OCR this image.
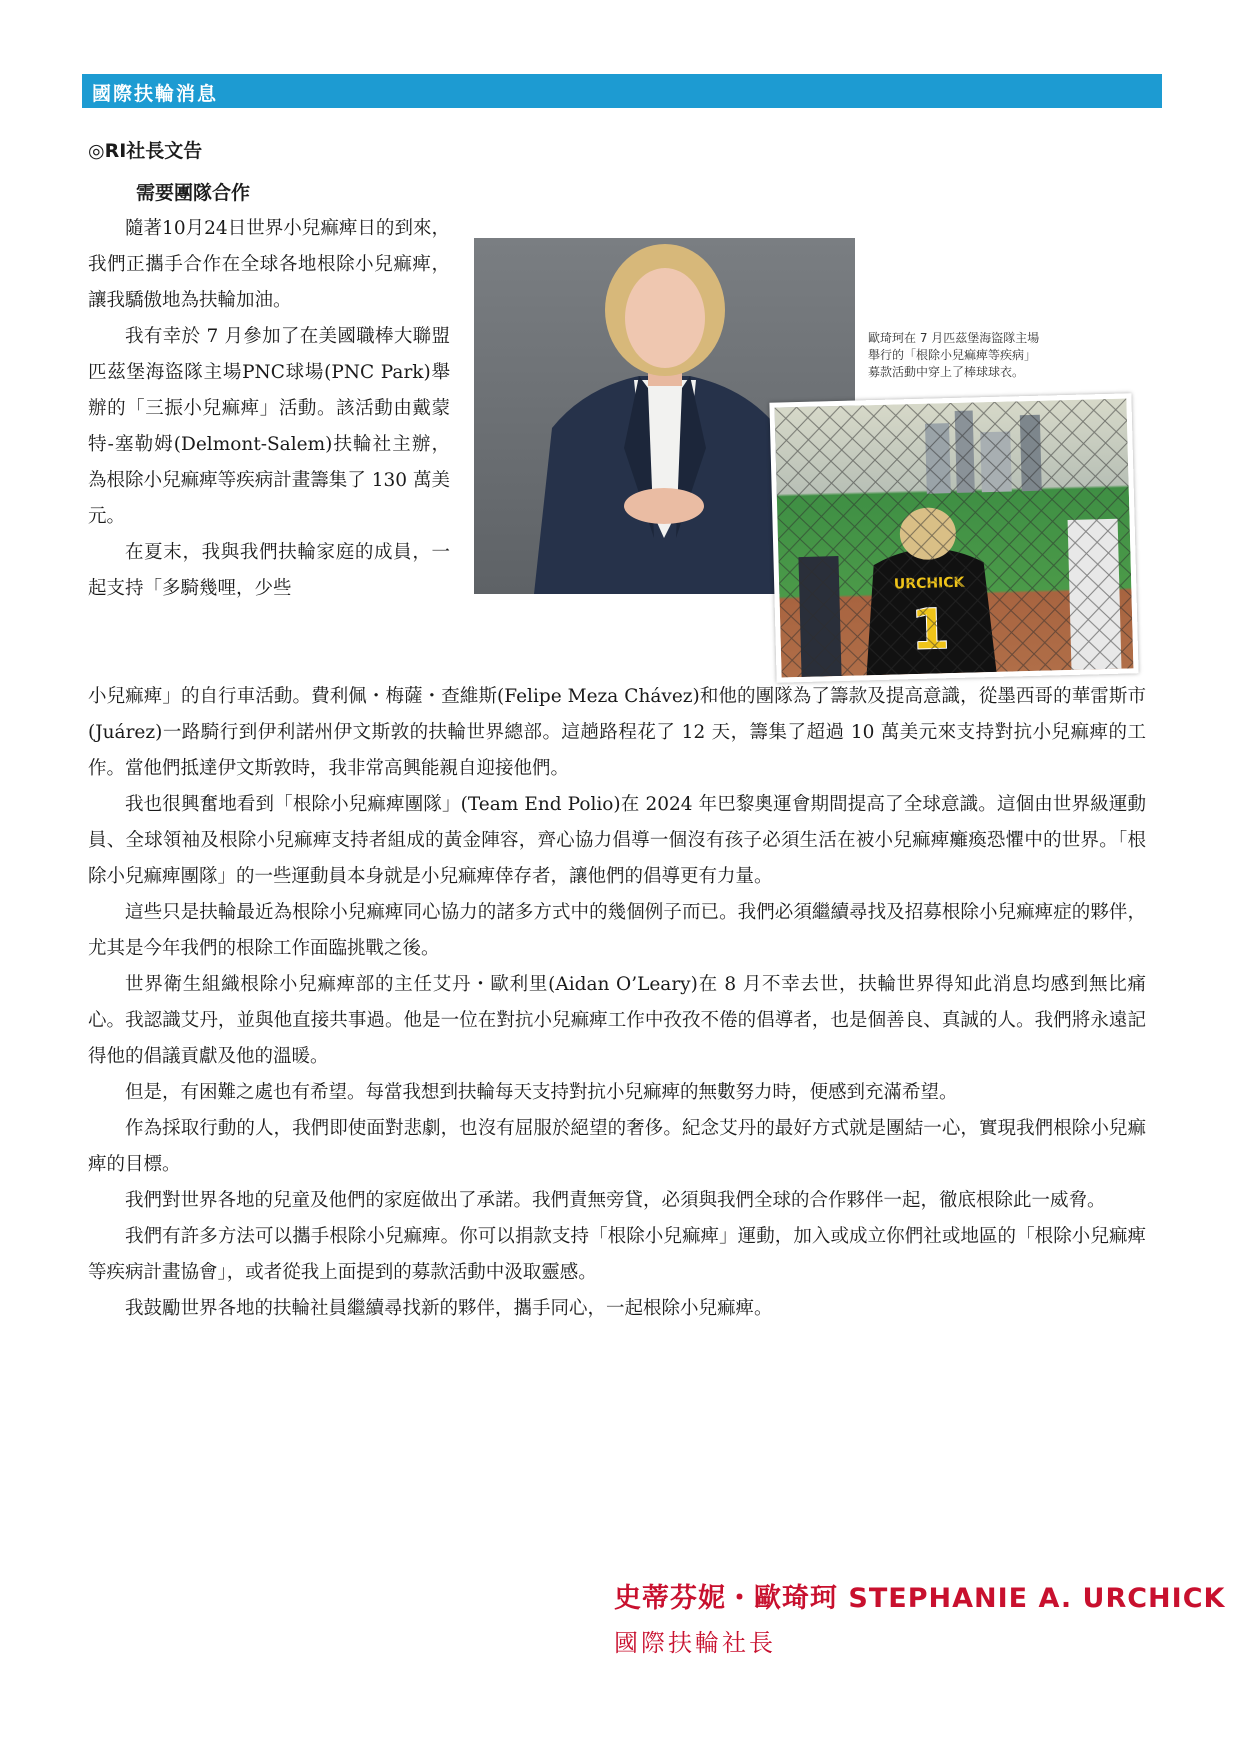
國際扶輪消息
◎RI社長文告
需要團隊合作

隨著10月24日世界小兒痲痺日的到來，我們正攜手合作在全球各地根除小兒痲痺，讓我驕傲地為扶輪加油。

我有幸於 7 月參加了在美國職棒大聯盟匹茲堡海盜隊主場PNC球場(PNC Park)舉辦的「三振小兒痲痺」活動。該活動由戴蒙特-塞勒姆(Delmont-Salem)扶輪社主辦，為根除小兒痲痺等疾病計畫籌集了 130 萬美元。

在夏末，我與我們扶輪家庭的成員，一起支持「多騎幾哩，少些

歐琦珂在 7 月匹茲堡海盜隊主場
舉行的「根除小兒痲痺等疾病」
募款活動中穿上了棒球球衣。

小兒痲痺」的自行車活動。費利佩・梅薩・查維斯(Felipe Meza Chávez)和他的團隊為了籌款及提高意識，從墨西哥的華雷斯市(Juárez)一路騎行到伊利諾州伊文斯敦的扶輪世界總部。這趟路程花了 12 天，籌集了超過 10 萬美元來支持對抗小兒痲痺的工作。當他們抵達伊文斯敦時，我非常高興能親自迎接他們。

我也很興奮地看到「根除小兒痲痺團隊」(Team End Polio)在 2024 年巴黎奧運會期間提高了全球意識。這個由世界級運動員、全球領袖及根除小兒痲痺支持者組成的黃金陣容，齊心協力倡導一個沒有孩子必須生活在被小兒痲痺癱瘓恐懼中的世界。「根除小兒痲痺團隊」的一些運動員本身就是小兒痲痺倖存者，讓他們的倡導更有力量。

這些只是扶輪最近為根除小兒痲痺同心協力的諸多方式中的幾個例子而已。我們必須繼續尋找及招募根除小兒痲痺症的夥伴，尤其是今年我們的根除工作面臨挑戰之後。

世界衛生組織根除小兒痲痺部的主任艾丹・歐利里(Aidan O’Leary)在 8 月不幸去世，扶輪世界得知此消息均感到無比痛心。我認識艾丹，並與他直接共事過。他是一位在對抗小兒痲痺工作中孜孜不倦的倡導者，也是個善良、真誠的人。我們將永遠記得他的倡議貢獻及他的溫暖。

但是，有困難之處也有希望。每當我想到扶輪每天支持對抗小兒痲痺的無數努力時，便感到充滿希望。

作為採取行動的人，我們即使面對悲劇，也沒有屈服於絕望的奢侈。紀念艾丹的最好方式就是團結一心，實現我們根除小兒痲痺的目標。

我們對世界各地的兒童及他們的家庭做出了承諾。我們責無旁貸，必須與我們全球的合作夥伴一起，徹底根除此一威脅。

我們有許多方法可以攜手根除小兒痲痺。你可以捐款支持「根除小兒痲痺」運動，加入或成立你們社或地區的「根除小兒痲痺等疾病計畫協會」，或者從我上面提到的募款活動中汲取靈感。

我鼓勵世界各地的扶輪社員繼續尋找新的夥伴，攜手同心，一起根除小兒痲痺。

史蒂芬妮・歐琦珂 STEPHANIE A. URCHICK
國際扶輪社長
